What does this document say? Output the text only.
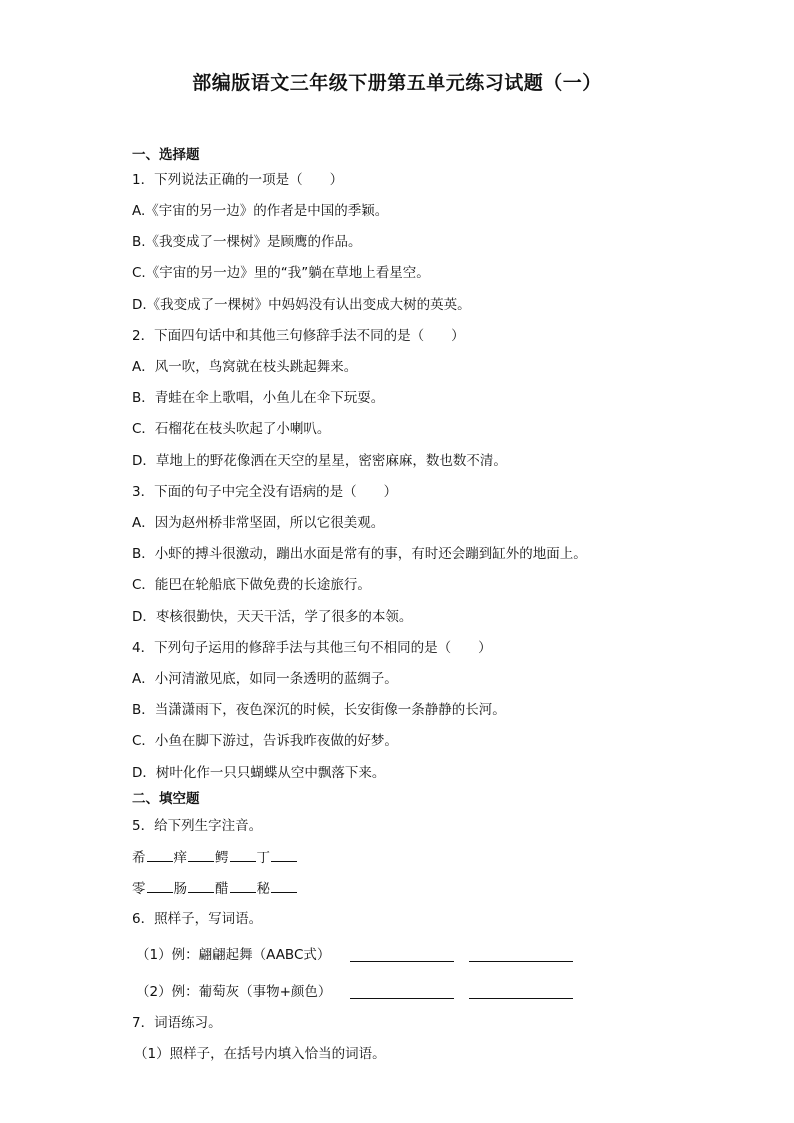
部编版语文三年级下册第五单元练习试题（一）
一、选择题
1．下列说法正确的一项是（　　）
A.《宇宙的另一边》的作者是中国的季颖。
B.《我变成了一棵树》是顾鹰的作品。
C.《宇宙的另一边》里的“我”躺在草地上看星空。
D.《我变成了一棵树》中妈妈没有认出变成大树的英英。
2．下面四句话中和其他三句修辞手法不同的是（　　）
A．风一吹，鸟窝就在枝头跳起舞来。
B．青蛙在伞上歌唱，小鱼儿在伞下玩耍。
C．石榴花在枝头吹起了小喇叭。
D．草地上的野花像洒在天空的星星，密密麻麻，数也数不清。
3．下面的句子中完全没有语病的是（　　）
A．因为赵州桥非常坚固，所以它很美观。
B．小虾的搏斗很激动，蹦出水面是常有的事，有时还会蹦到缸外的地面上。
C．能巴在轮船底下做免费的长途旅行。
D．枣核很勤快，天天干活，学了很多的本领。
4．下列句子运用的修辞手法与其他三句不相同的是（　　）
A．小河清澈见底，如同一条透明的蓝绸子。
B．当潇潇雨下，夜色深沉的时候，长安街像一条静静的长河。
C．小鱼在脚下游过，告诉我昨夜做的好梦。
D．树叶化作一只只蝴蝶从空中飘落下来。
二、填空题
5．给下列生字注音。
希 痒 鳄 丁
零 肠 醋 秘
6．照样子，写词语。
（1）例：翩翩起舞（AABC式）
（2）例：葡萄灰（事物+颜色）
7．词语练习。
（1）照样子，在括号内填入恰当的词语。
